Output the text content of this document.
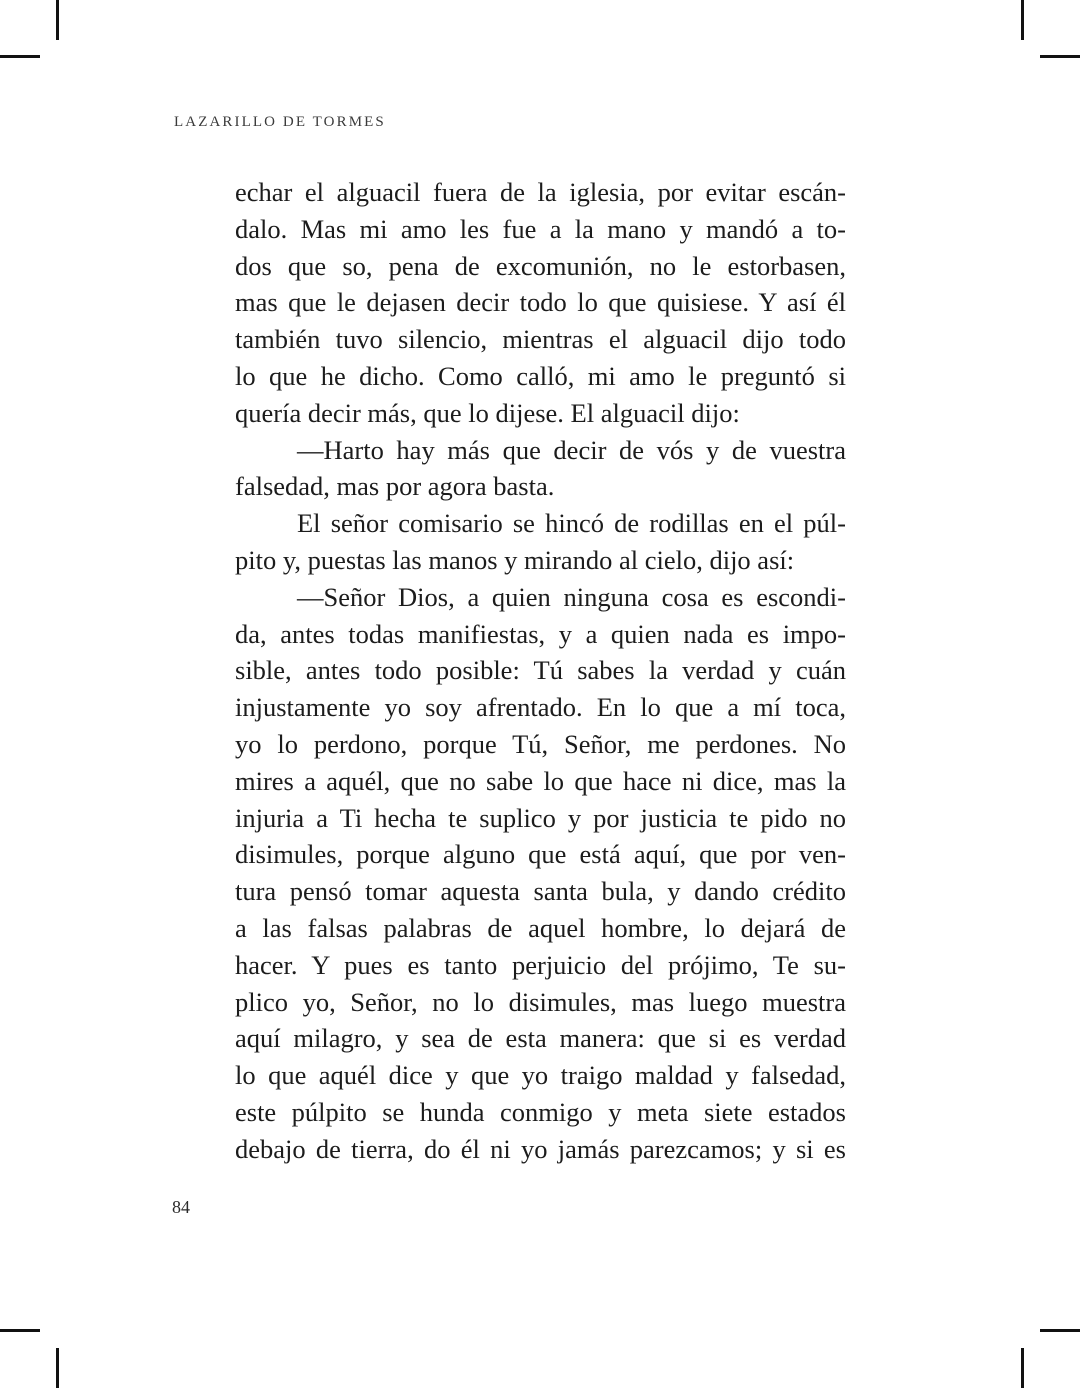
LAZARILLO DE TORMES
echar el alguacil fuera de la iglesia, por evitar escán-
dalo. Mas mi amo les fue a la mano y mandó a to-
dos que so, pena de excomunión, no le estorbasen,
mas que le dejasen decir todo lo que quisiese. Y así él
también tuvo silencio, mientras el alguacil dijo todo
lo que he dicho. Como calló, mi amo le preguntó si
quería decir más, que lo dijese. El alguacil dijo:
—Harto hay más que decir de vós y de vuestra
falsedad, mas por agora basta.
El señor comisario se hincó de rodillas en el púl-
pito y, puestas las manos y mirando al cielo, dijo así:
—Señor Dios, a quien ninguna cosa es escondi-
da, antes todas manifiestas, y a quien nada es impo-
sible, antes todo posible: Tú sabes la verdad y cuán
injustamente yo soy afrentado. En lo que a mí toca,
yo lo perdono, porque Tú, Señor, me perdones. No
mires a aquél, que no sabe lo que hace ni dice, mas la
injuria a Ti hecha te suplico y por justicia te pido no
disimules, porque alguno que está aquí, que por ven-
tura pensó tomar aquesta santa bula, y dando crédito
a las falsas palabras de aquel hombre, lo dejará de
hacer. Y pues es tanto perjuicio del prójimo, Te su-
plico yo, Señor, no lo disimules, mas luego muestra
aquí milagro, y sea de esta manera: que si es verdad
lo que aquél dice y que yo traigo maldad y falsedad,
este púlpito se hunda conmigo y meta siete estados
debajo de tierra, do él ni yo jamás parezcamos; y si es
84
